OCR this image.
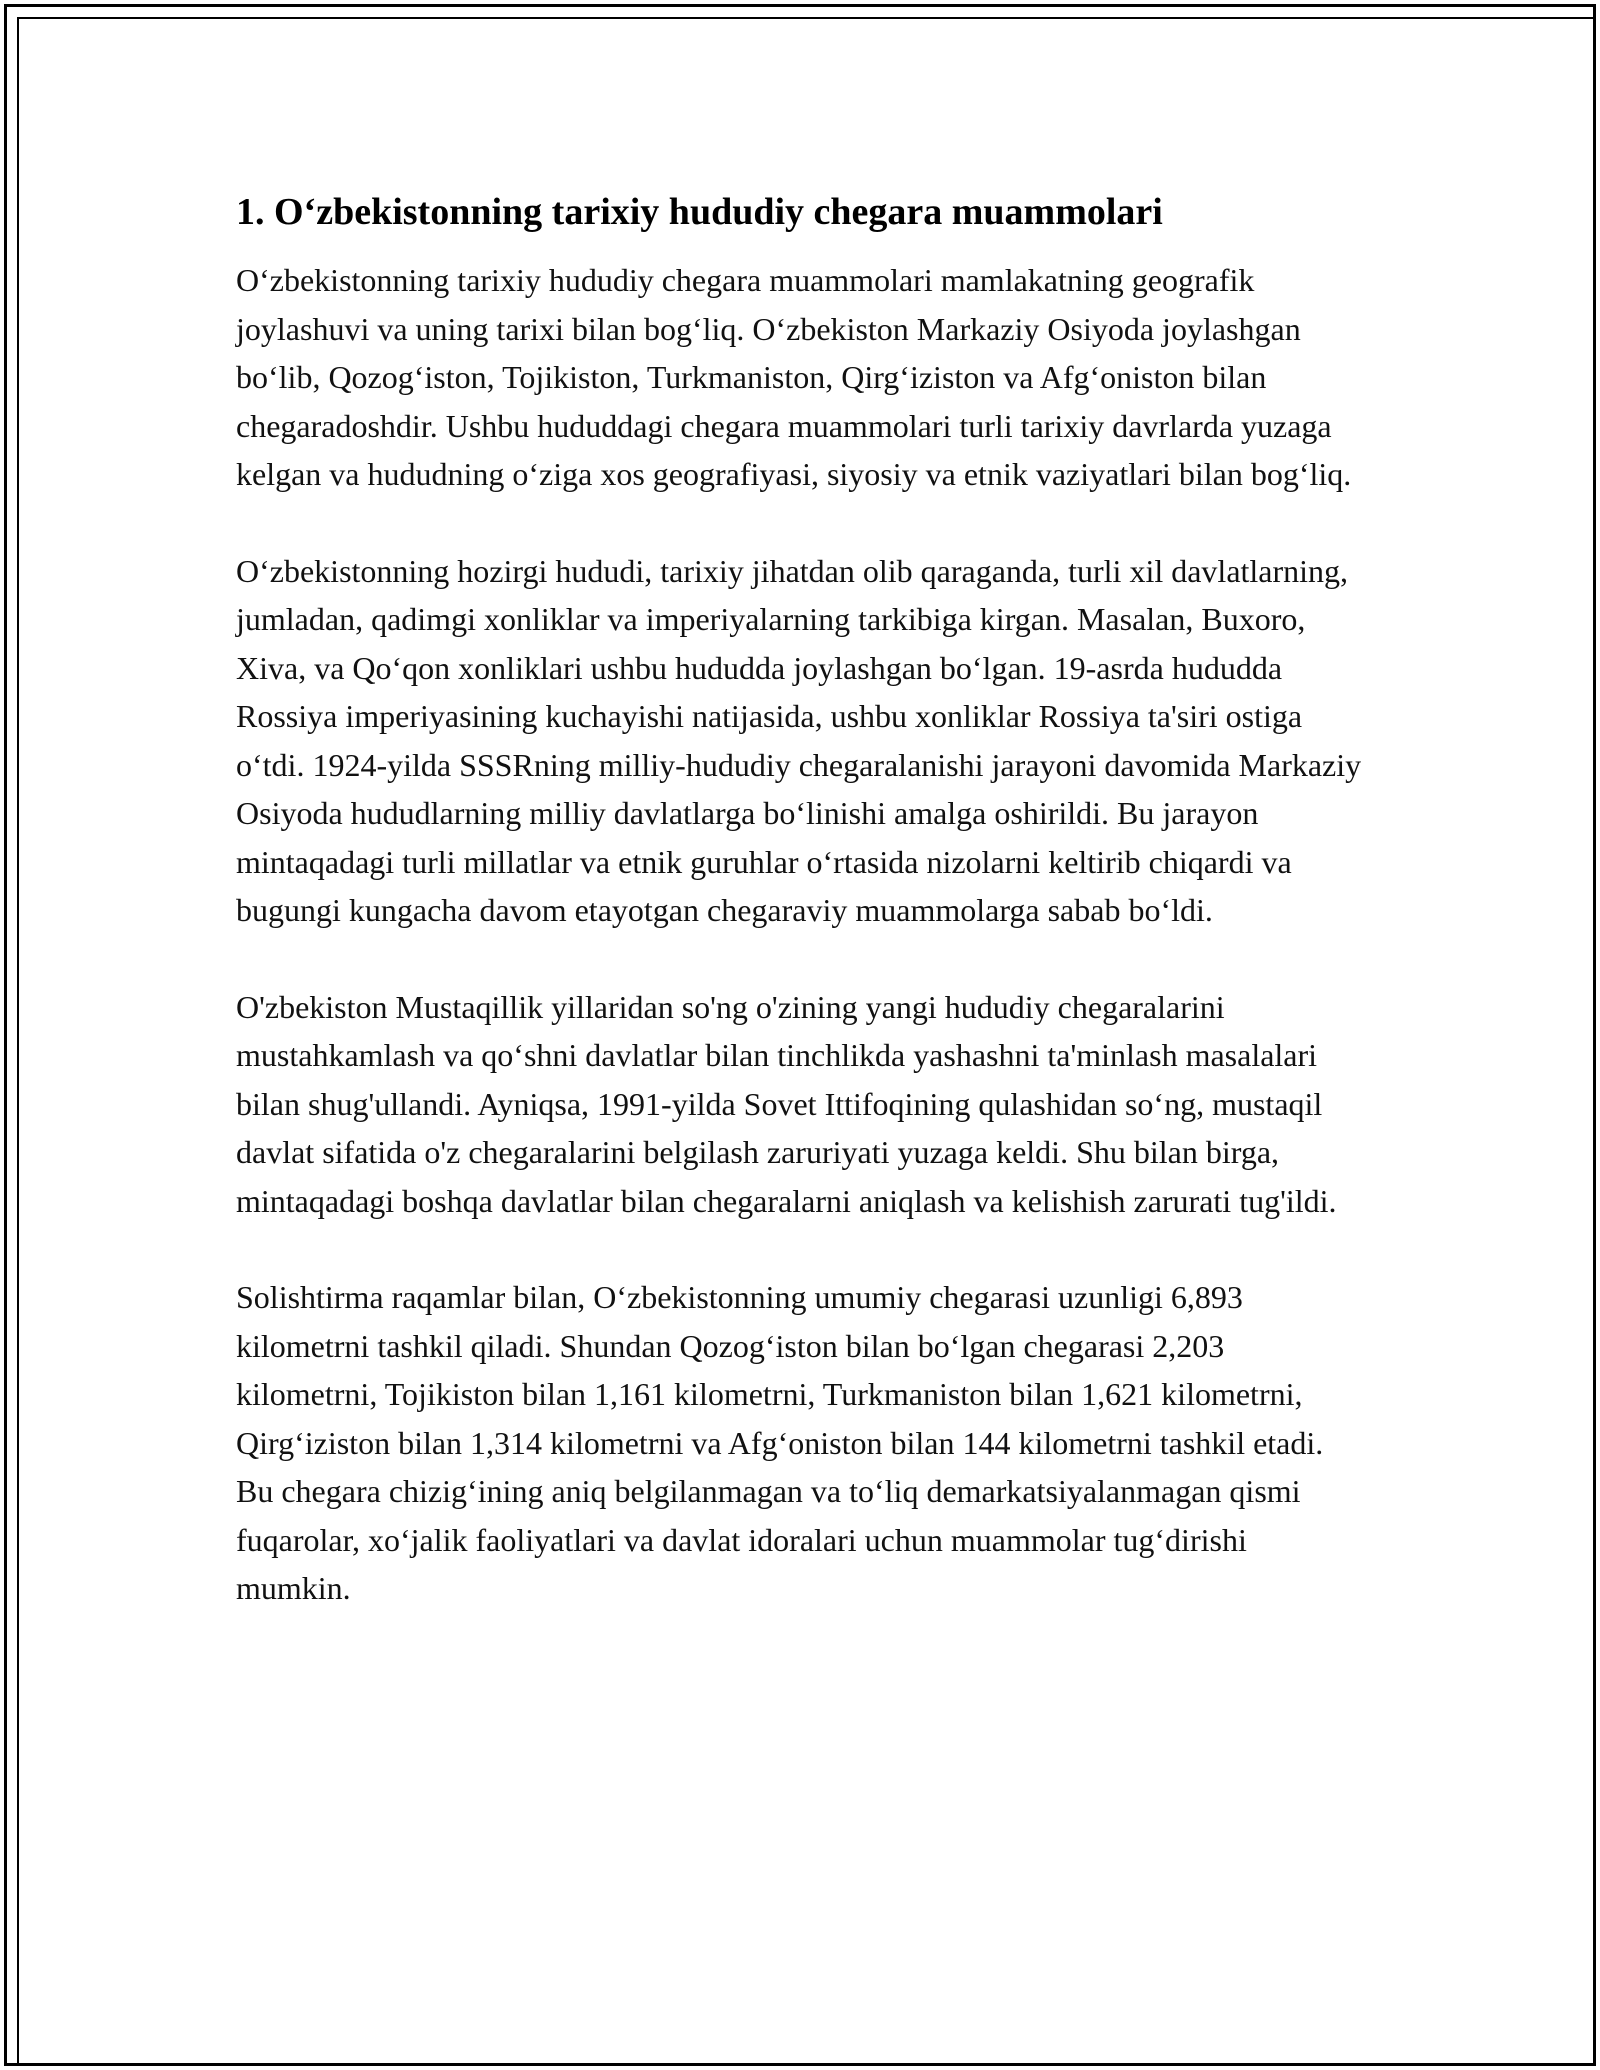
1. O‘zbekistonning tarixiy hududiy chegara muammolari

O‘zbekistonning tarixiy hududiy chegara muammolari mamlakatning geografik joylashuvi va uning tarixi bilan bog‘liq. O‘zbekiston Markaziy Osiyoda joylashgan bo‘lib, Qozog‘iston, Tojikiston, Turkmaniston, Qirg‘iziston va Afg‘oniston bilan chegaradoshdir. Ushbu hududdagi chegara muammolari turli tarixiy davrlarda yuzaga kelgan va hududning o‘ziga xos geografiyasi, siyosiy va etnik vaziyatlari bilan bog‘liq.

O‘zbekistonning hozirgi hududi, tarixiy jihatdan olib qaraganda, turli xil davlatlarning, jumladan, qadimgi xonliklar va imperiyalarning tarkibiga kirgan. Masalan, Buxoro, Xiva, va Qo‘qon xonliklari ushbu hududda joylashgan bo‘lgan. 19-asrda hududda Rossiya imperiyasining kuchayishi natijasida, ushbu xonliklar Rossiya ta'siri ostiga o‘tdi. 1924-yilda SSSRning milliy-hududiy chegaralanishi jarayoni davomida Markaziy Osiyoda hududlarning milliy davlatlarga bo‘linishi amalga oshirildi. Bu jarayon mintaqadagi turli millatlar va etnik guruhlar o‘rtasida nizolarni keltirib chiqardi va bugungi kungacha davom etayotgan chegaraviy muammolarga sabab bo‘ldi.

O'zbekiston Mustaqillik yillaridan so'ng o'zining yangi hududiy chegaralarini mustahkamlash va qo‘shni davlatlar bilan tinchlikda yashashni ta'minlash masalalari bilan shug'ullandi. Ayniqsa, 1991-yilda Sovet Ittifoqining qulashidan so‘ng, mustaqil davlat sifatida o'z chegaralarini belgilash zaruriyati yuzaga keldi. Shu bilan birga, mintaqadagi boshqa davlatlar bilan chegaralarni aniqlash va kelishish zarurati tug'ildi.

Solishtirma raqamlar bilan, O‘zbekistonning umumiy chegarasi uzunligi 6,893 kilometrni tashkil qiladi. Shundan Qozog‘iston bilan bo‘lgan chegarasi 2,203 kilometrni, Tojikiston bilan 1,161 kilometrni, Turkmaniston bilan 1,621 kilometrni, Qirg‘iziston bilan 1,314 kilometrni va Afg‘oniston bilan 144 kilometrni tashkil etadi. Bu chegara chizig‘ining aniq belgilanmagan va to‘liq demarkatsiyalanmagan qismi fuqarolar, xo‘jalik faoliyatlari va davlat idoralari uchun muammolar tug‘dirishi mumkin.
